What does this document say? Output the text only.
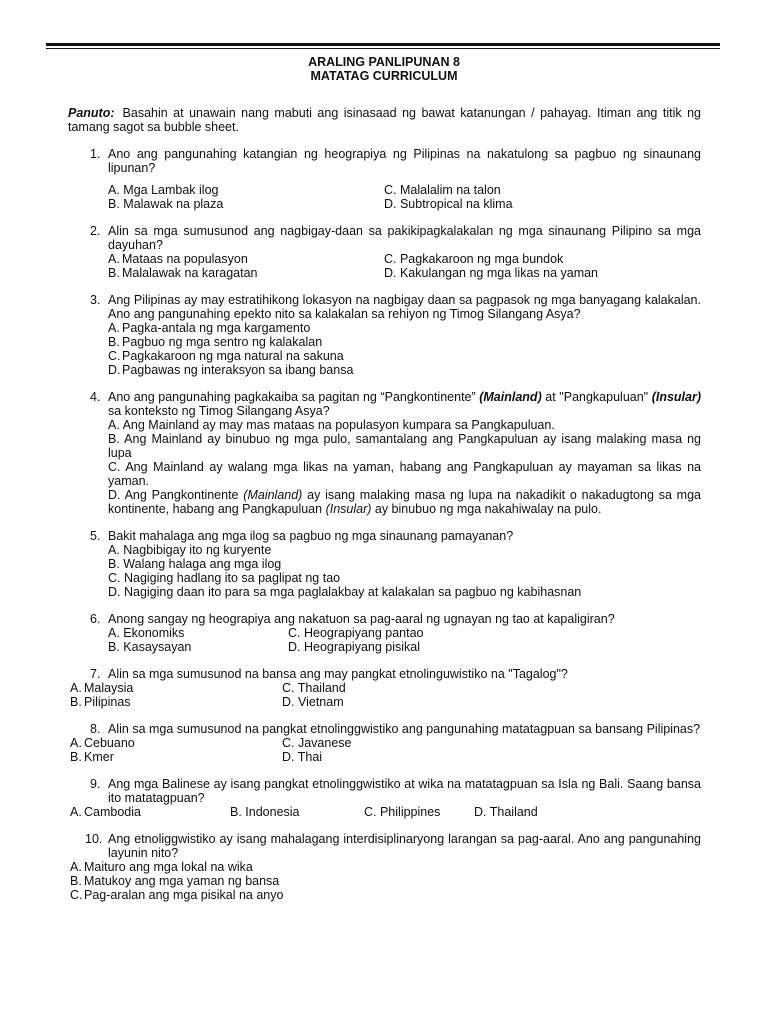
ARALING PANLIPUNAN 8
MATATAG CURRICULUM

Panuto: Basahin at unawain nang mabuti ang isinasaad ng bawat katanungan / pahayag. Itiman ang titik ng tamang sagot sa bubble sheet.

1. Ano ang pangunahing katangian ng heograpiya ng Pilipinas na nakatulong sa pagbuo ng sinaunang lipunan?
A. Mga Lambak ilog	C. Malalalim na talon
B. Malawak na plaza	D. Subtropical na klima
2. Alin sa mga sumusunod ang nagbigay-daan sa pakikipagkalakalan ng mga sinaunang Pilipino sa mga dayuhan?
A. Mataas na populasyon	C. Pagkakaroon ng mga bundok
B. Malalawak na karagatan	D. Kakulangan ng mga likas na yaman
3. Ang Pilipinas ay may estratihikong lokasyon na nagbigay daan sa pagpasok ng mga banyagang kalakalan. Ano ang pangunahing epekto nito sa kalakalan sa rehiyon ng Timog Silangang Asya?
A. Pagka-antala ng mga kargamento
B. Pagbuo ng mga sentro ng kalakalan
C. Pagkakaroon ng mga natural na sakuna
D. Pagbawas ng interaksyon sa ibang bansa
4. Ano ang pangunahing pagkakaiba sa pagitan ng “Pangkontinente” (Mainland) at "Pangkapuluan" (Insular) sa konteksto ng Timog Silangang Asya?
A. Ang Mainland ay may mas mataas na populasyon kumpara sa Pangkapuluan.
B. Ang Mainland ay binubuo ng mga pulo, samantalang ang Pangkapuluan ay isang malaking masa ng lupa
C. Ang Mainland ay walang mga likas na yaman, habang ang Pangkapuluan ay mayaman sa likas na yaman.
D. Ang Pangkontinente (Mainland) ay isang malaking masa ng lupa na nakadikit o nakadugtong sa mga kontinente, habang ang Pangkapuluan (Insular) ay binubuo ng mga nakahiwalay na pulo.
5. Bakit mahalaga ang mga ilog sa pagbuo ng mga sinaunang pamayanan?
A. Nagbibigay ito ng kuryente
B. Walang halaga ang mga ilog
C. Nagiging hadlang ito sa paglipat ng tao
D. Nagiging daan ito para sa mga paglalakbay at kalakalan sa pagbuo ng kabihasnan
6. Anong sangay ng heograpiya ang nakatuon sa pag-aaral ng ugnayan ng tao at kapaligiran?
A. Ekonomiks	C. Heograpiyang pantao
B. Kasaysayan	D. Heograpiyang pisikal
7. Alin sa mga sumusunod na bansa ang may pangkat etnolinguwistiko na "Tagalog"?
A. Malaysia	C. Thailand
B. Pilipinas	D. Vietnam
8. Alin sa mga sumusunod na pangkat etnolinggwistiko ang pangunahing matatagpuan sa bansang Pilipinas?
A. Cebuano	C. Javanese
B. Kmer	D. Thai
9. Ang mga Balinese ay isang pangkat etnolinggwistiko at wika na matatagpuan sa Isla ng Bali. Saang bansa ito matatagpuan?
A. Cambodia	B. Indonesia	C. Philippines	D. Thailand
10. Ang etnoliggwistiko ay isang mahalagang interdisiplinaryong larangan sa pag-aaral. Ano ang pangunahing layunin nito?
A. Maituro ang mga lokal na wika
B. Matukoy ang mga yaman ng bansa
C. Pag-aralan ang mga pisikal na anyo
